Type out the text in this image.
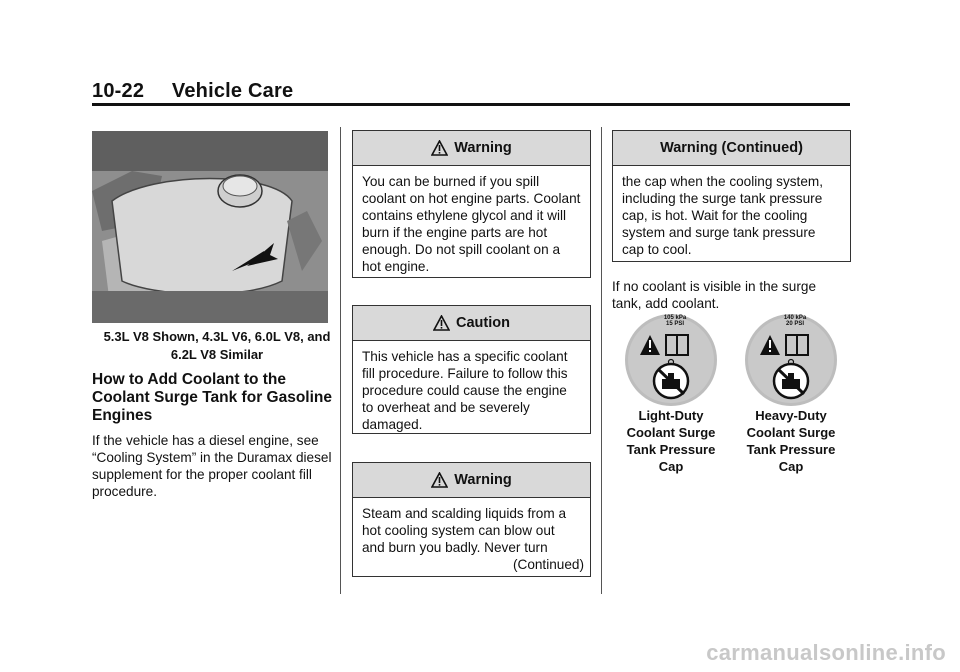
10-22 Vehicle Care
5.3L V8 Shown, 4.3L V6, 6.0L V8, and 6.2L V8 Similar
How to Add Coolant to the Coolant Surge Tank for Gasoline Engines
If the vehicle has a diesel engine, see “Cooling System” in the Duramax diesel supplement for the proper coolant fill procedure.
Warning
You can be burned if you spill coolant on hot engine parts. Coolant contains ethylene glycol and it will burn if the engine parts are hot enough. Do not spill coolant on a hot engine.
Caution
This vehicle has a specific coolant fill procedure. Failure to follow this procedure could cause the engine to overheat and be severely damaged.
Warning
Steam and scalding liquids from a hot cooling system can blow out and burn you badly. Never turn
(Continued)
Warning (Continued)
the cap when the cooling system, including the surge tank pressure cap, is hot. Wait for the cooling system and surge tank pressure cap to cool.
If no coolant is visible in the surge tank, add coolant.
105 kPa
15 PSI
Light-Duty Coolant Surge Tank Pressure Cap
140 kPa
20 PSI
Heavy-Duty Coolant Surge Tank Pressure Cap
carmanualsonline.info
